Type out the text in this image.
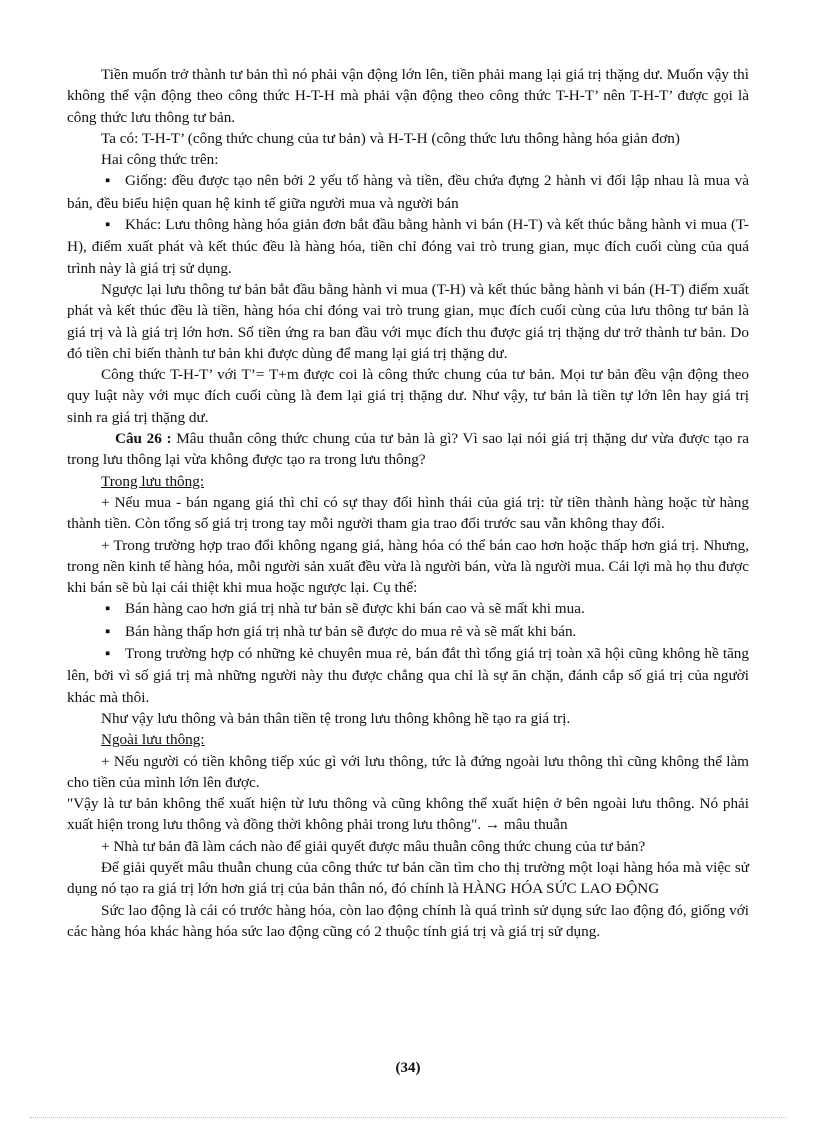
Tiền muốn trở thành tư bản thì nó phải vận động lớn lên, tiền phải mang lại giá trị thặng dư. Muốn vậy thì không thể vận động theo công thức H-T-H mà phải vận động theo công thức T-H-T’ nên T-H-T’ được gọi là công thức lưu thông tư bản.

Ta có: T-H-T’ (công thức chung của tư bản) và H-T-H (công thức lưu thông hàng hóa giản đơn)

Hai công thức trên:

▪ Giống: đều được tạo nên bởi 2 yếu tố hàng và tiền, đều chứa đựng 2 hành vi đối lập nhau là mua và bán, đều biểu hiện quan hệ kinh tế giữa người mua và người bán

▪ Khác: Lưu thông hàng hóa giản đơn bắt đầu bằng hành vi bán (H-T) và kết thúc bằng hành vi mua (T-H), điểm xuất phát và kết thúc đều là hàng hóa, tiền chỉ đóng vai trò trung gian, mục đích cuối cùng của quá trình này là giá trị sử dụng.

Ngược lại lưu thông tư bản bắt đầu bằng hành vi mua (T-H) và kết thúc bằng hành vi bán (H-T) điểm xuất phát và kết thúc đều là tiền, hàng hóa chỉ đóng vai trò trung gian, mục đích cuối cùng của lưu thông tư bản là giá trị và là giá trị lớn hơn. Số tiền ứng ra ban đầu với mục đích thu được giá trị thặng dư trở thành tư bản. Do đó tiền chỉ biến thành tư bản khi được dùng để mang lại giá trị thặng dư.

Công thức T-H-T’ với T’= T+m được coi là công thức chung của tư bản. Mọi tư bản đều vận động theo quy luật này với mục đích cuối cùng là đem lại giá trị thặng dư. Như vậy, tư bản là tiền tự lớn lên hay giá trị sinh ra giá trị thặng dư.

Câu 26 : Mâu thuẫn công thức chung của tư bản là gì? Vì sao lại nói giá trị thặng dư vừa được tạo ra trong lưu thông lại vừa không được tạo ra trong lưu thông?

Trong lưu thông:

+ Nếu mua - bán ngang giá thì chỉ có sự thay đổi hình thái của giá trị: từ tiền thành hàng hoặc từ hàng thành tiền. Còn tổng số giá trị trong tay mỗi người tham gia trao đổi trước sau vẫn không thay đổi.

+ Trong trường hợp trao đổi không ngang giá, hàng hóa có thể bán cao hơn hoặc thấp hơn giá trị. Nhưng, trong nền kinh tế hàng hóa, mỗi người sản xuất đều vừa là người bán, vừa là người mua. Cái lợi mà họ thu được khi bán sẽ bù lại cái thiệt khi mua hoặc ngược lại. Cụ thể:

▪ Bán hàng cao hơn giá trị nhà tư bản sẽ được khi bán cao và sẽ mất khi mua.

▪ Bán hàng thấp hơn giá trị nhà tư bản sẽ được do mua rẻ và sẽ mất khi bán.

▪ Trong trường hợp có những kẻ chuyên mua rẻ, bán đắt thì tổng giá trị toàn xã hội cũng không hề tăng lên, bởi vì số giá trị mà những người này thu được chẳng qua chỉ là sự ăn chặn, đánh cắp số giá trị của người khác mà thôi.

Như vậy lưu thông và bản thân tiền tệ trong lưu thông không hề tạo ra giá trị.

Ngoài lưu thông:

+ Nếu người có tiền không tiếp xúc gì với lưu thông, tức là đứng ngoài lưu thông thì cũng không thể làm cho tiền của mình lớn lên được.

"Vậy là tư bản không thể xuất hiện từ lưu thông và cũng không thể xuất hiện ở bên ngoài lưu thông. Nó phải xuất hiện trong lưu thông và đồng thời không phải trong lưu thông". → mâu thuẫn

+ Nhà tư bản đã làm cách nào để giải quyết được mâu thuẫn công thức chung của tư bản?

Để giải quyết mâu thuẫn chung của công thức tư bản cần tìm cho thị trường một loại hàng hóa mà việc sử dụng nó tạo ra giá trị lớn hơn giá trị của bản thân nó, đó chính là HÀNG HÓA SỨC LAO ĐỘNG

Sức lao động là cái có trước hàng hóa, còn lao động chính là quá trình sử dụng sức lao động đó, giống với các hàng hóa khác hàng hóa sức lao động cũng có 2 thuộc tính giá trị và giá trị sử dụng.

(34)
